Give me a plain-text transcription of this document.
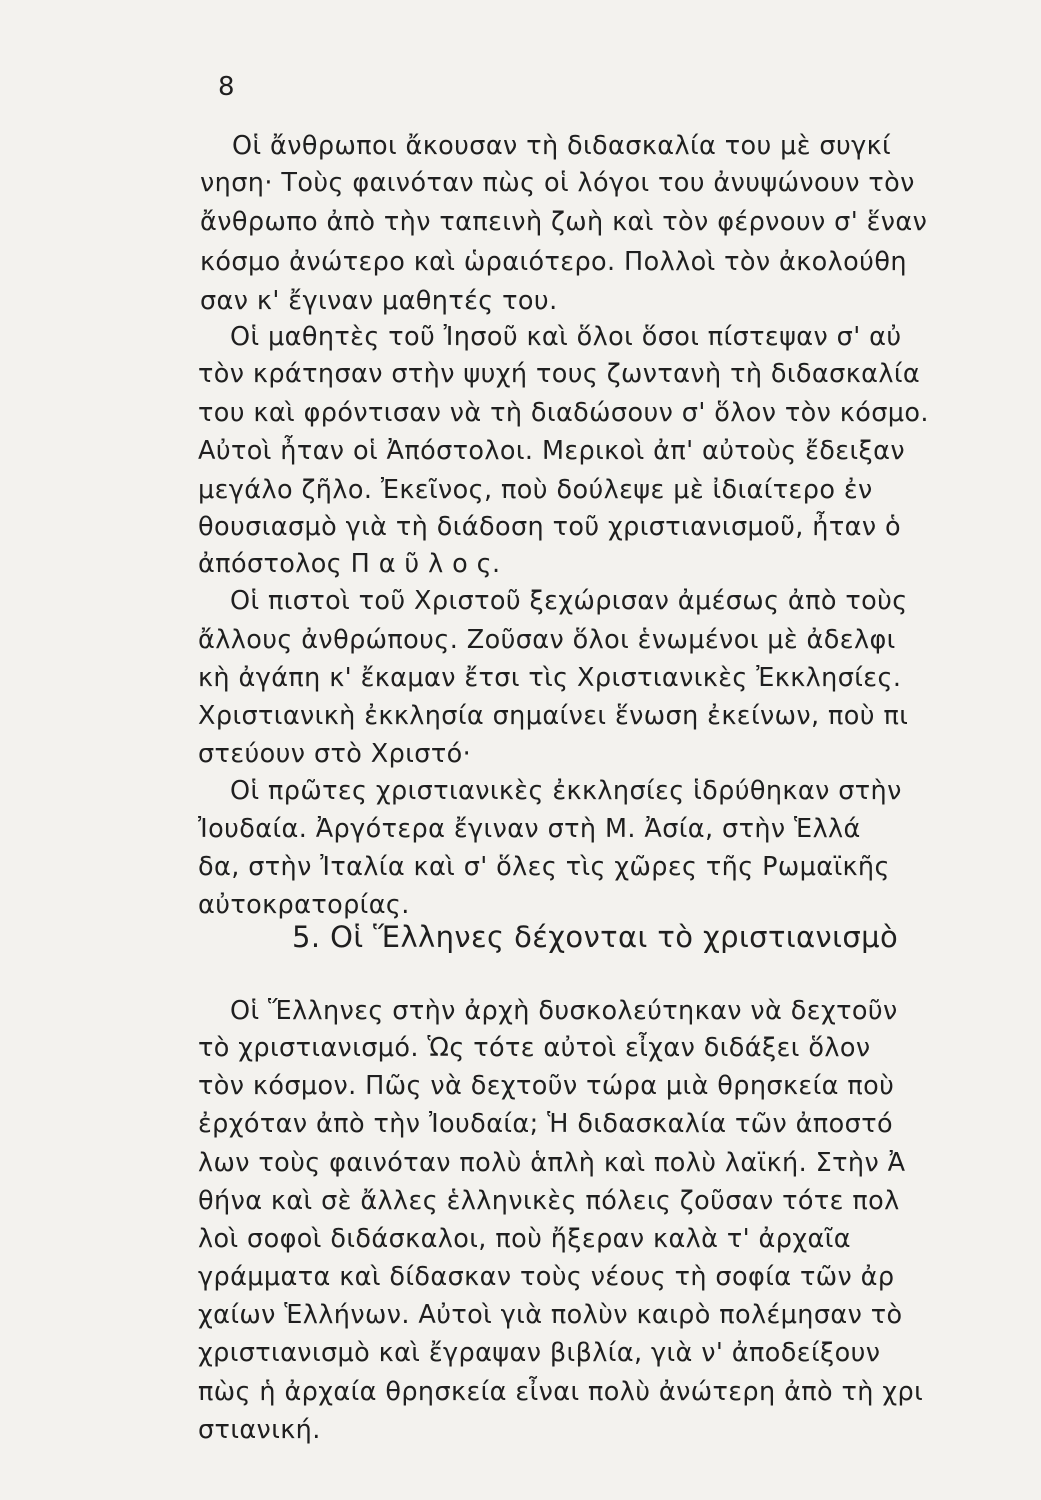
8
Οἱ ἄνθρωποι ἄκουσαν τὴ διδασκαλία του μὲ συγκί
νηση· Τοὺς φαινόταν πὼς οἱ λόγοι του ἀνυψώνουν τὸν
ἄνθρωπο ἀπὸ τὴν ταπεινὴ ζωὴ καὶ τὸν φέρνουν σ' ἕναν
κόσμο ἀνώτερο καὶ ὡραιότερο. Πολλοὶ τὸν ἀκολούθη
σαν κ' ἔγιναν μαθητές του.
Οἱ μαθητὲς τοῦ Ἰησοῦ καὶ ὅλοι ὅσοι πίστεψαν σ' αὐ
τὸν κράτησαν στὴν ψυχή τους ζωντανὴ τὴ διδασκαλία
του καὶ φρόντισαν νὰ τὴ διαδώσουν σ' ὅλον τὸν κόσμο.
Αὐτοὶ ἦταν οἱ Ἀπόστολοι. Μερικοὶ ἀπ' αὐτοὺς ἔδειξαν
μεγάλο ζῆλο. Ἐκεῖνος, ποὺ δούλεψε μὲ ἰδιαίτερο ἐν
θουσιασμὸ γιὰ τὴ διάδοση τοῦ χριστιανισμοῦ, ἦταν ὁ
ἀπόστολος Π α ῦ λ ο ς.
Οἱ πιστοὶ τοῦ Χριστοῦ ξεχώρισαν ἀμέσως ἀπὸ τοὺς
ἄλλους ἀνθρώπους. Ζοῦσαν ὅλοι ἑνωμένοι μὲ ἀδελφι
κὴ ἀγάπη κ' ἔκαμαν ἔτσι τὶς Χριστιανικὲς Ἐκκλησίες.
Χριστιανικὴ ἐκκλησία σημαίνει ἕνωση ἐκείνων, ποὺ πι
στεύουν στὸ Χριστό·
Οἱ πρῶτες χριστιανικὲς ἐκκλησίες ἱδρύθηκαν στὴν
Ἰουδαία. Ἀργότερα ἔγιναν στὴ Μ. Ἀσία, στὴν Ἑλλά
δα, στὴν Ἰταλία καὶ σ' ὅλες τὶς χῶρες τῆς Ρωμαϊκῆς
αὐτοκρατορίας.
5. Οἱ Ἕλληνες δέχονται τὸ χριστιανισμὸ
Οἱ Ἕλληνες στὴν ἀρχὴ δυσκολεύτηκαν νὰ δεχτοῦν
τὸ χριστιανισμό. Ὡς τότε αὐτοὶ εἶχαν διδάξει ὅλον
τὸν κόσμον. Πῶς νὰ δεχτοῦν τώρα μιὰ θρησκεία ποὺ
ἐρχόταν ἀπὸ τὴν Ἰουδαία; Ἡ διδασκαλία τῶν ἀποστό
λων τοὺς φαινόταν πολὺ ἁπλὴ καὶ πολὺ λαϊκή. Στὴν Ἀ
θήνα καὶ σὲ ἄλλες ἑλληνικὲς πόλεις ζοῦσαν τότε πολ
λοὶ σοφοὶ διδάσκαλοι, ποὺ ἤξεραν καλὰ τ' ἀρχαῖα
γράμματα καὶ δίδασκαν τοὺς νέους τὴ σοφία τῶν ἀρ
χαίων Ἑλλήνων. Αὐτοὶ γιὰ πολὺν καιρὸ πολέμησαν τὸ
χριστιανισμὸ καὶ ἔγραψαν βιβλία, γιὰ ν' ἀποδείξουν
πὼς ἡ ἀρχαία θρησκεία εἶναι πολὺ ἀνώτερη ἀπὸ τὴ χρι
στιανική.
